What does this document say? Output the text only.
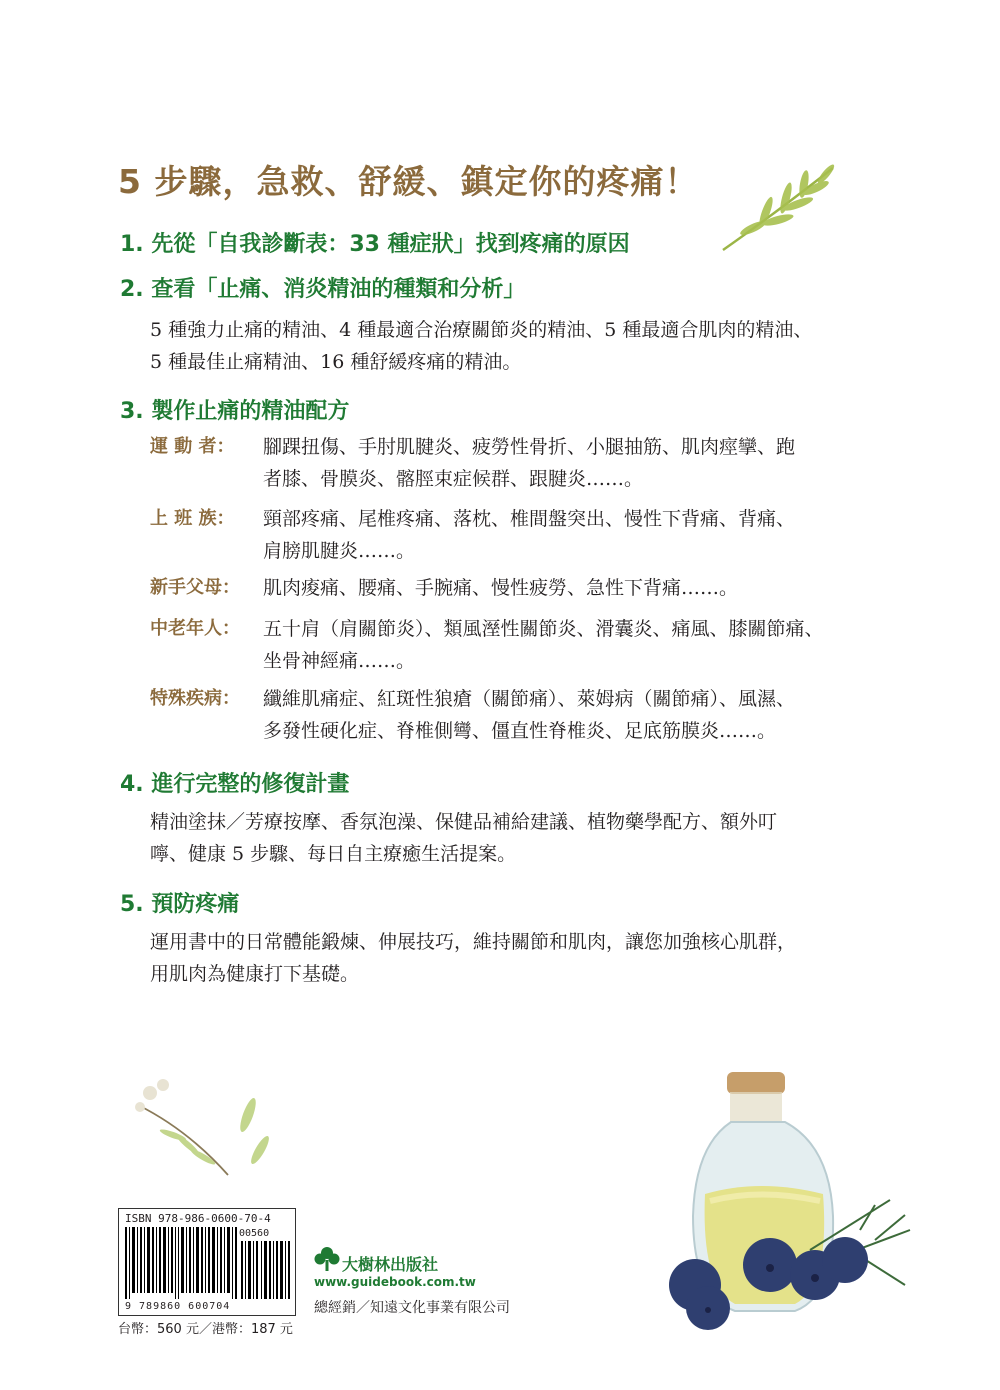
5 步驟，急救、舒緩、鎮定你的疼痛！
1. 先從「自我診斷表：33 種症狀」找到疼痛的原因
2. 查看「止痛、消炎精油的種類和分析」
5 種強力止痛的精油、4 種最適合治療關節炎的精油、5 種最適合肌肉的精油、
5 種最佳止痛精油、16 種舒緩疼痛的精油。
3. 製作止痛的精油配方
運 動 者：	腳踝扭傷、手肘肌腱炎、疲勞性骨折、小腿抽筋、肌肉痙攣、跑
者膝、骨膜炎、髂脛束症候群、跟腱炎……。
上 班 族：	頸部疼痛、尾椎疼痛、落枕、椎間盤突出、慢性下背痛、背痛、
肩膀肌腱炎……。
新手父母：	肌肉痠痛、腰痛、手腕痛、慢性疲勞、急性下背痛……。
中老年人：	五十肩（肩關節炎）、類風溼性關節炎、滑囊炎、痛風、膝關節痛、
坐骨神經痛……。
特殊疾病：	纖維肌痛症、紅斑性狼瘡（關節痛）、萊姆病（關節痛）、風濕、
多發性硬化症、脊椎側彎、僵直性脊椎炎、足底筋膜炎……。
4. 進行完整的修復計畫
精油塗抹／芳療按摩、香氛泡澡、保健品補給建議、植物藥學配方、額外叮
嚀、健康 5 步驟、每日自主療癒生活提案。
5. 預防疼痛
運用書中的日常體能鍛煉、伸展技巧，維持關節和肌肉，讓您加強核心肌群，
用肌肉為健康打下基礎。
ISBN 978-986-0600-70-4
00560
9 789860 600704
台幣：560 元／港幣：187 元
大樹林出版社
www.guidebook.com.tw
總經銷／知遠文化事業有限公司
